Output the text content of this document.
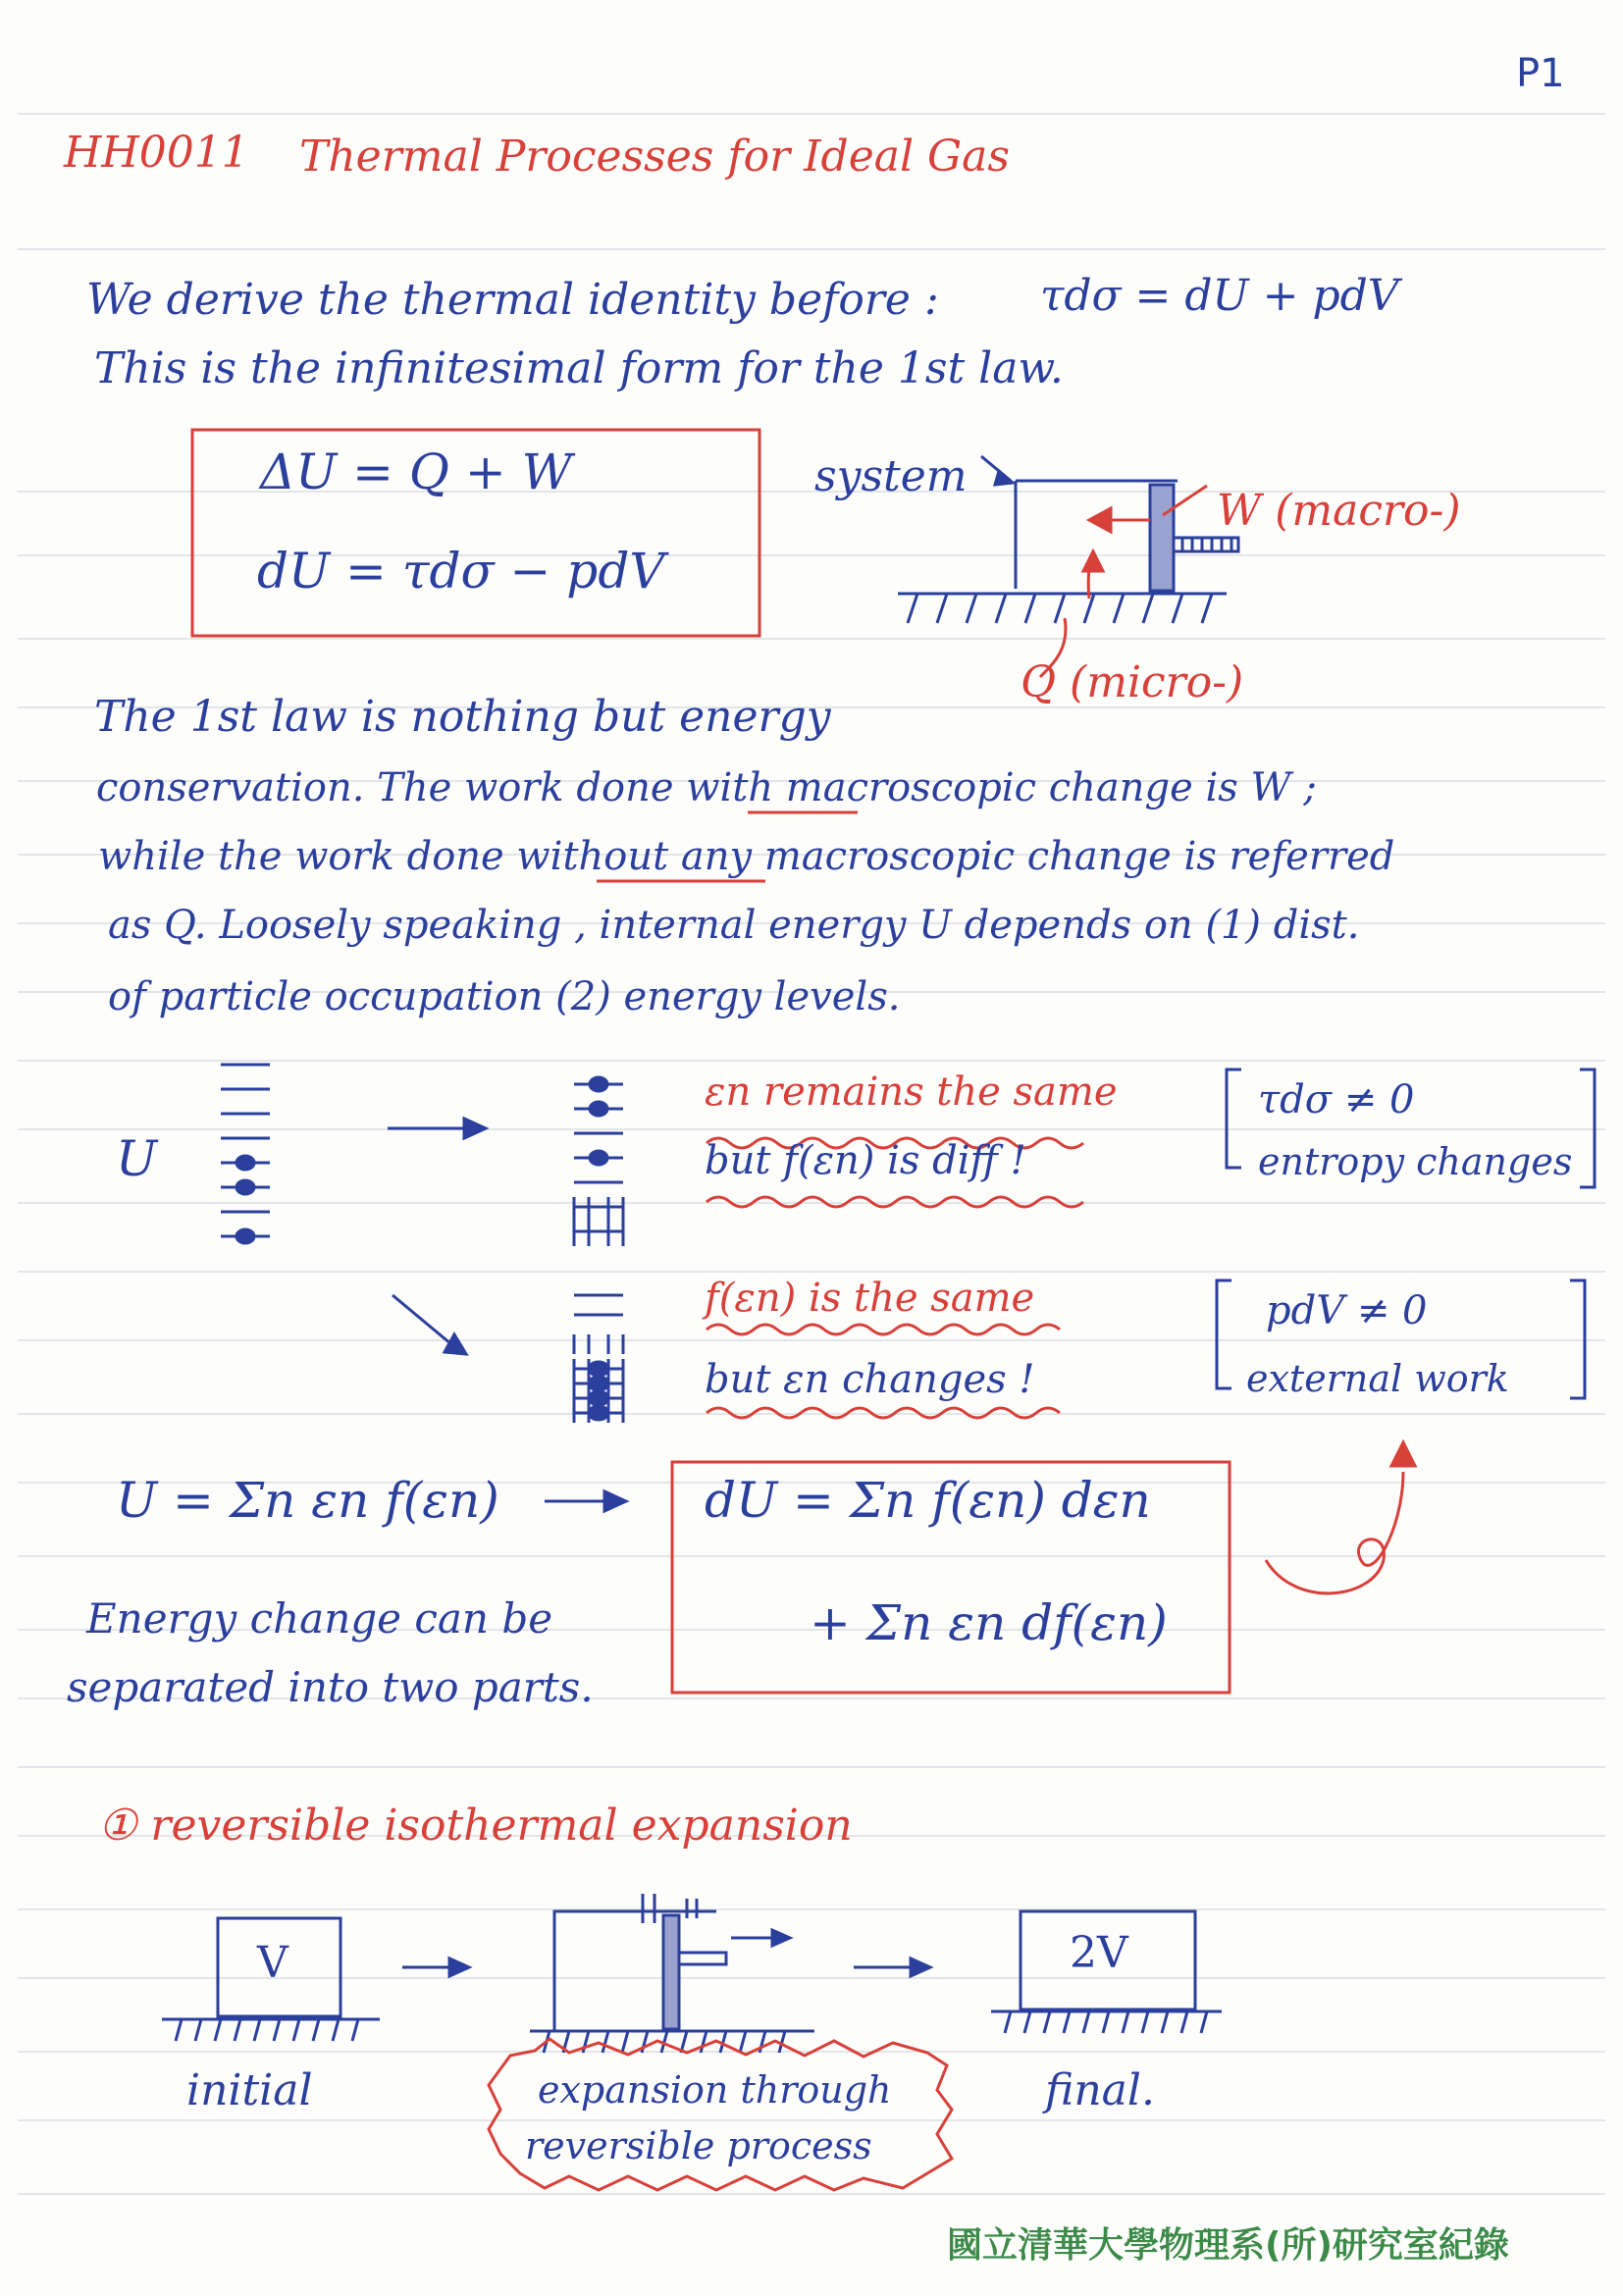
P1
HH0011 Thermal Processes for Ideal Gas
We derive the thermal identity before : τdσ = dU + pdV
This is the infinitesimal form for the 1st law.
ΔU = Q + W
dU = τdσ − pdV
system
W (macro-)
Q (micro-)
The 1st law is nothing but energy
conservation. The work done with macroscopic change is W ;
while the work done without any macroscopic change is referred
as Q. Loosely speaking , internal energy U depends on (1) dist.
of particle occupation (2) energy levels.
U
εn remains the same
but f(εn) is diff !
τdσ ≠ 0
entropy changes
f(εn) is the same
but εn changes !
pdV ≠ 0
external work
U = Σn εn f(εn)	dU = Σn f(εn) dεn
+ Σn εn df(εn)
Energy change can be
separated into two parts.
① reversible isothermal expansion
V	2V
initial	final.
expansion through
reversible process
國立清華大學物理系(所)研究室紀錄
